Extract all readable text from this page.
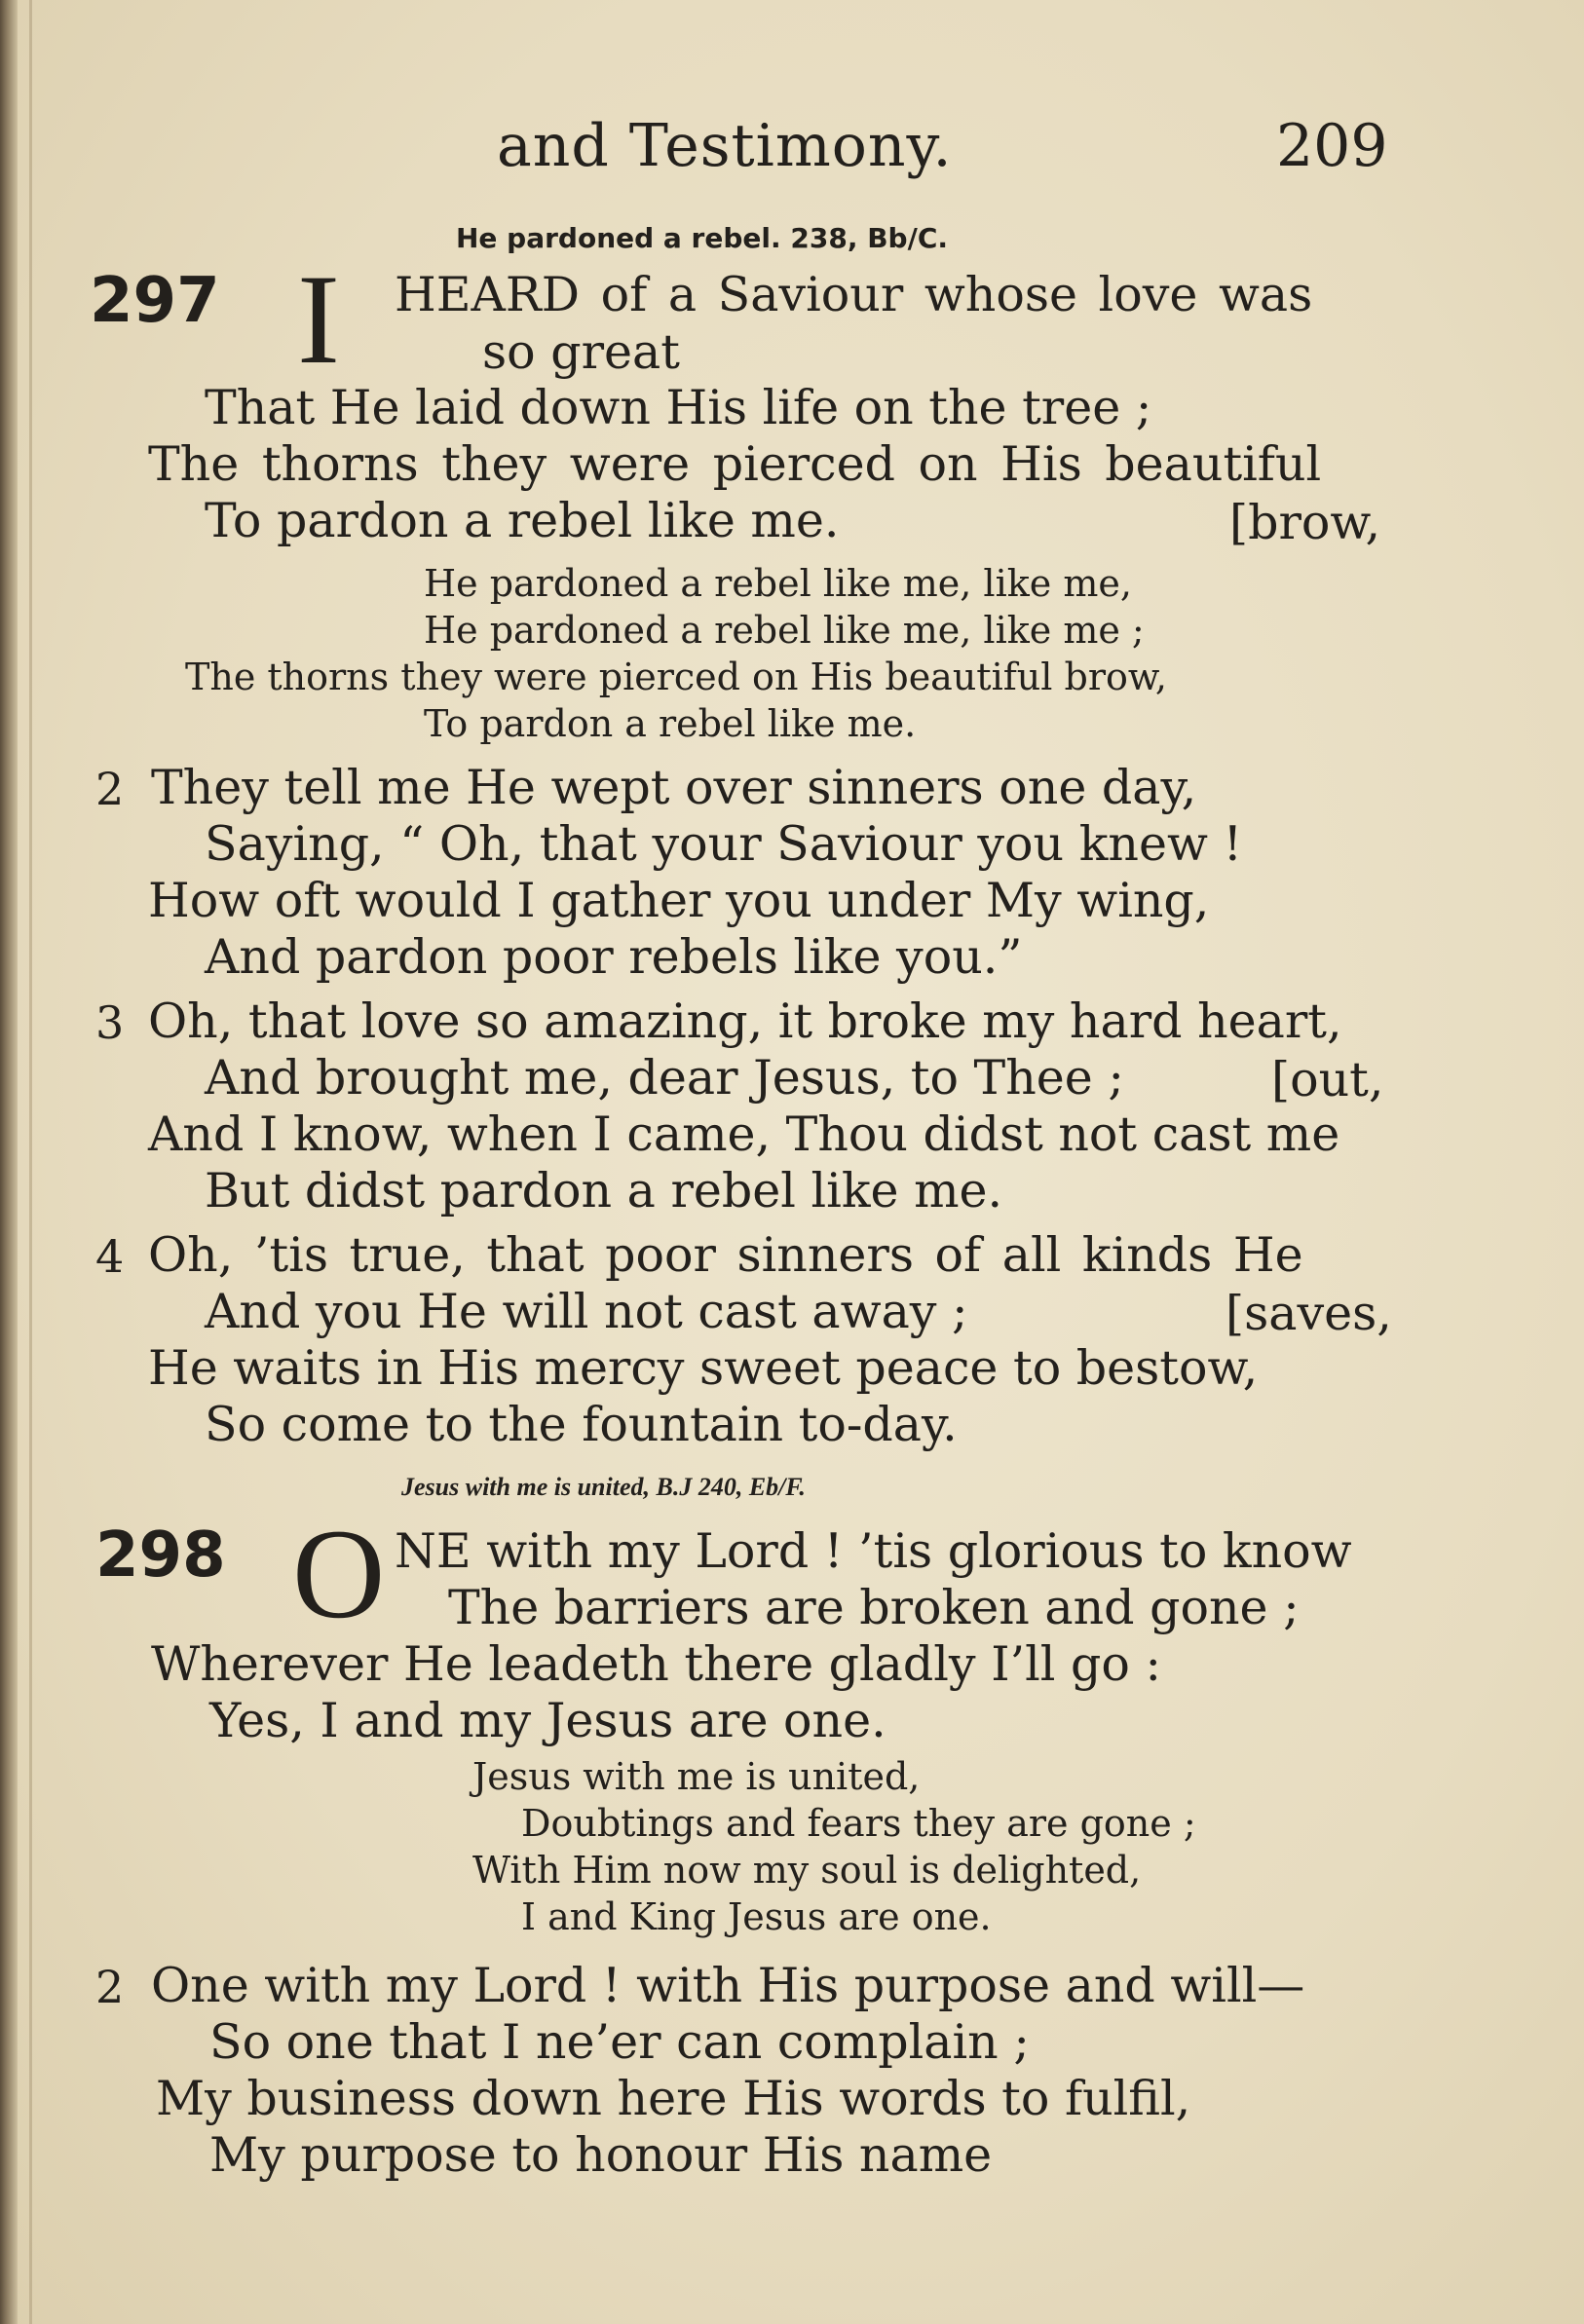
and Testimony.	209
He pardoned a rebel. 238, Bb/C.
297 I HEARD of a Saviour whose love was
so great
That He laid down His life on the tree ;
The thorns they were pierced on His beautiful
To pardon a rebel like me.	[brow,
He pardoned a rebel like me, like me,
He pardoned a rebel like me, like me ;
The thorns they were pierced on His beautiful brow,
To pardon a rebel like me.
2 They tell me He wept over sinners one day,
Saying, “ Oh, that your Saviour you knew !
How oft would I gather you under My wing,
And pardon poor rebels like you.”
3 Oh, that love so amazing, it broke my hard heart,
And brought me, dear Jesus, to Thee ;	[out,
And I know, when I came, Thou didst not cast me
But didst pardon a rebel like me.
4 Oh, ’tis true, that poor sinners of all kinds He
And you He will not cast away ;	[saves,
He waits in His mercy sweet peace to bestow,
So come to the fountain to-day.
Jesus with me is united, B.J 240, Eb/F.
298 O NE with my Lord ! ’tis glorious to know
The barriers are broken and gone ;
Wherever He leadeth there gladly I’ll go :
Yes, I and my Jesus are one.
Jesus with me is united,
Doubtings and fears they are gone ;
With Him now my soul is delighted,
I and King Jesus are one.
2 One with my Lord ! with His purpose and will—
So one that I ne’er can complain ;
My business down here His words to fulfil,
My purpose to honour His name
